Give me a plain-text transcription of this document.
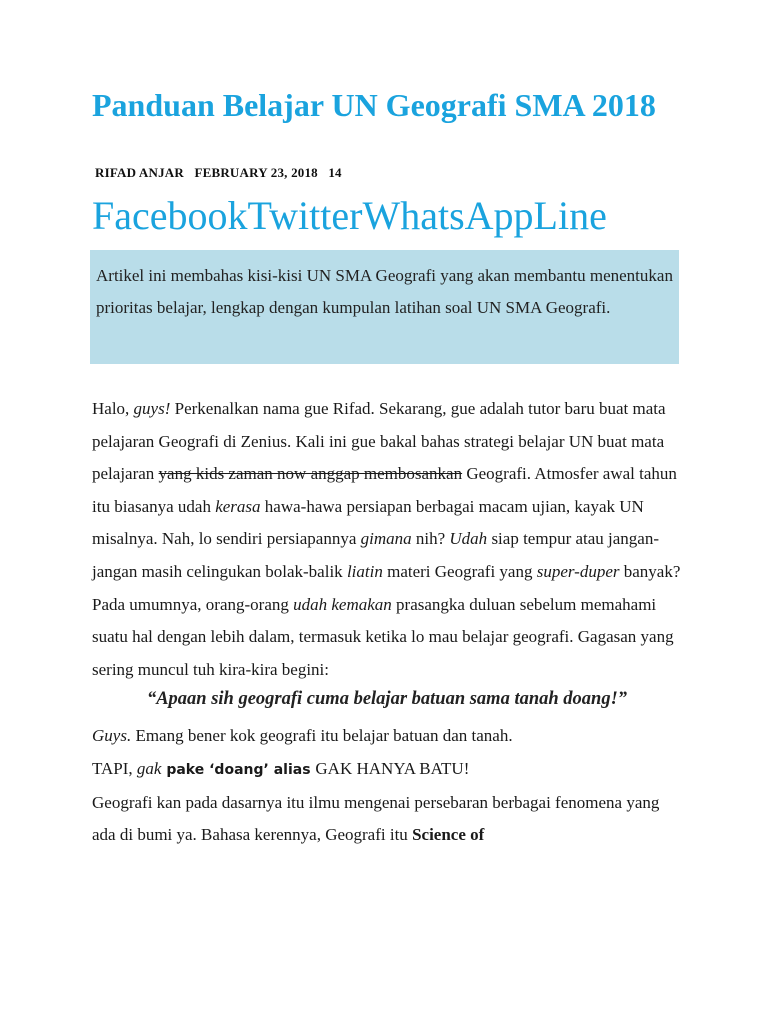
Panduan Belajar UN Geografi SMA 2018
RIFAD ANJAR FEBRUARY 23, 2018 14
FacebookTwitterWhatsAppLine
Artikel ini membahas kisi-kisi UN SMA Geografi yang akan membantu menentukan prioritas belajar, lengkap dengan kumpulan latihan soal UN SMA Geografi.

Halo, guys! Perkenalkan nama gue Rifad. Sekarang, gue adalah tutor baru buat mata pelajaran Geografi di Zenius. Kali ini gue bakal bahas strategi belajar UN buat mata pelajaran yang kids zaman now anggap membosankan Geografi. Atmosfer awal tahun itu biasanya udah kerasa hawa-hawa persiapan berbagai macam ujian, kayak UN misalnya. Nah, lo sendiri persiapannya gimana nih? Udah siap tempur atau jangan-jangan masih celingukan bolak-balik liatin materi Geografi yang super-duper banyak?

Pada umumnya, orang-orang udah kemakan prasangka duluan sebelum memahami suatu hal dengan lebih dalam, termasuk ketika lo mau belajar geografi. Gagasan yang sering muncul tuh kira-kira begini:

“Apaan sih geografi cuma belajar batuan sama tanah doang!”

Guys. Emang bener kok geografi itu belajar batuan dan tanah.

TAPI, gak pake ‘doang’ alias GAK HANYA BATU!

Geografi kan pada dasarnya itu ilmu mengenai persebaran berbagai fenomena yang ada di bumi ya. Bahasa kerennya, Geografi itu Science of
